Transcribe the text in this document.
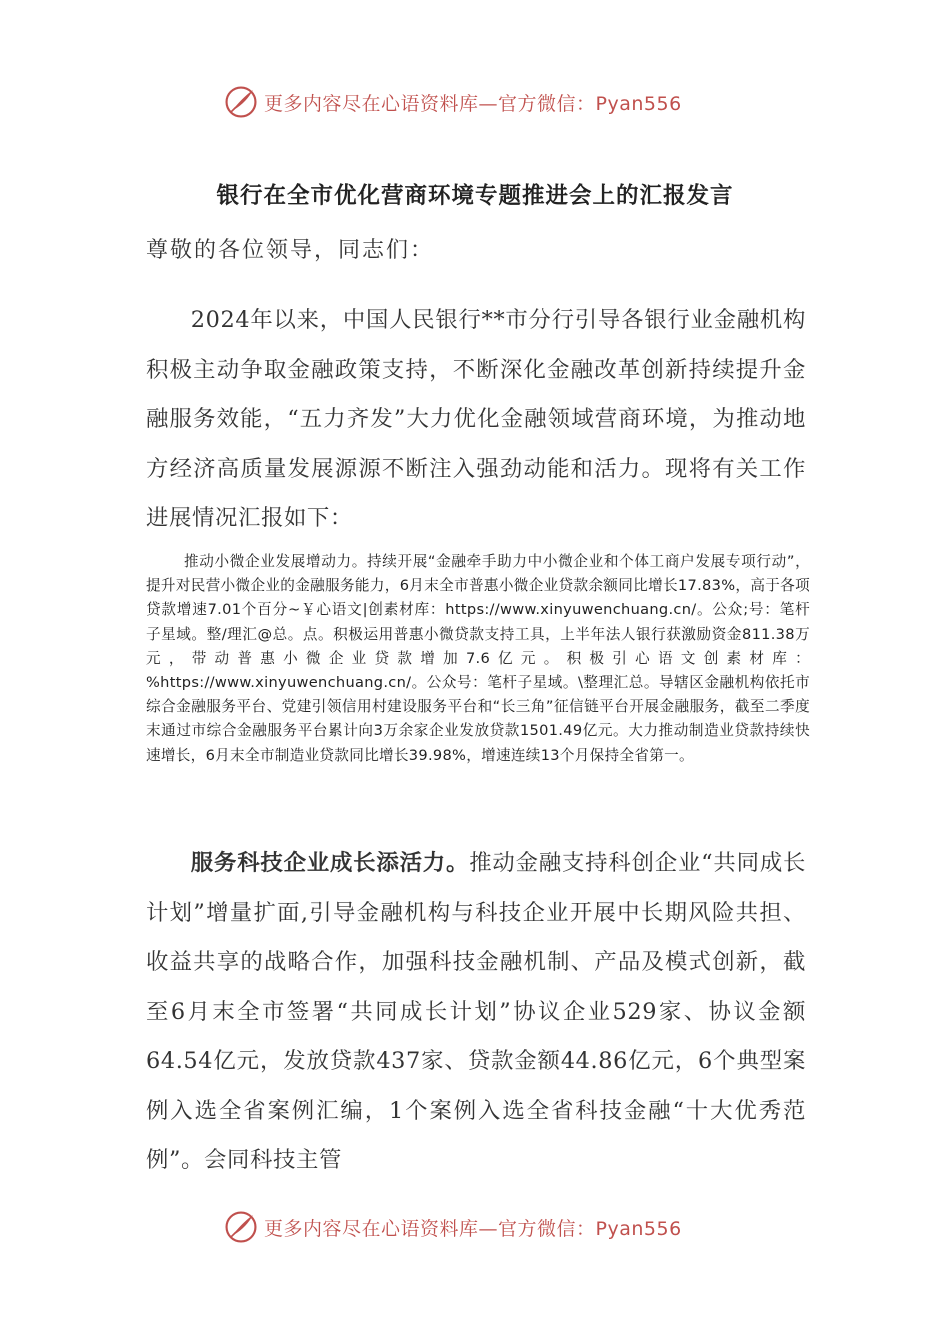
更多内容尽在心语资料库—官方微信：Pyan556
银行在全市优化营商环境专题推进会上的汇报发言

尊敬的各位领导，同志们：

2024年以来，中国人民银行**市分行引导各银行业金融机构积极主动争取金融政策支持，不断深化金融改革创新持续提升金融服务效能，“五力齐发”大力优化金融领域营商环境，为推动地方经济高质量发展源源不断注入强劲动能和活力。现将有关工作进展情况汇报如下：

推动小微企业发展增动力。持续开展“金融牵手助力中小微企业和个体工商户发展专项行动”，提升对民营小微企业的金融服务能力，6月末全市普惠小微企业贷款余额同比增长17.83%，高于各项贷款增速7.01个百分~￥心语文|创素材库：https://www.xinyuwenchuang.cn/。公众;号：笔杆子星域。整/理汇@总。点。积极运用普惠小微贷款支持工具，上半年法人银行获激励资金811.38万元，带动普惠小微企业贷款增加7.6亿元。积极引心语文创素材库：%https://www.xinyuwenchuang.cn/。公众号：笔杆子星域。\整理汇总。导辖区金融机构依托市综合金融服务平台、党建引领信用村建设服务平台和“长三角”征信链平台开展金融服务，截至二季度末通过市综合金融服务平台累计向3万余家企业发放贷款1501.49亿元。大力推动制造业贷款持续快速增长，6月末全市制造业贷款同比增长39.98%，增速连续13个月保持全省第一。

服务科技企业成长添活力。推动金融支持科创企业“共同成长计划”增量扩面,引导金融机构与科技企业开展中长期风险共担、收益共享的战略合作，加强科技金融机制、产品及模式创新，截至6月末全市签署“共同成长计划”协议企业529家、协议金额64.54亿元，发放贷款437家、贷款金额44.86亿元，6个典型案例入选全省案例汇编，1个案例入选全省科技金融“十大优秀范例”。会同科技主管

更多内容尽在心语资料库—官方微信：Pyan556
